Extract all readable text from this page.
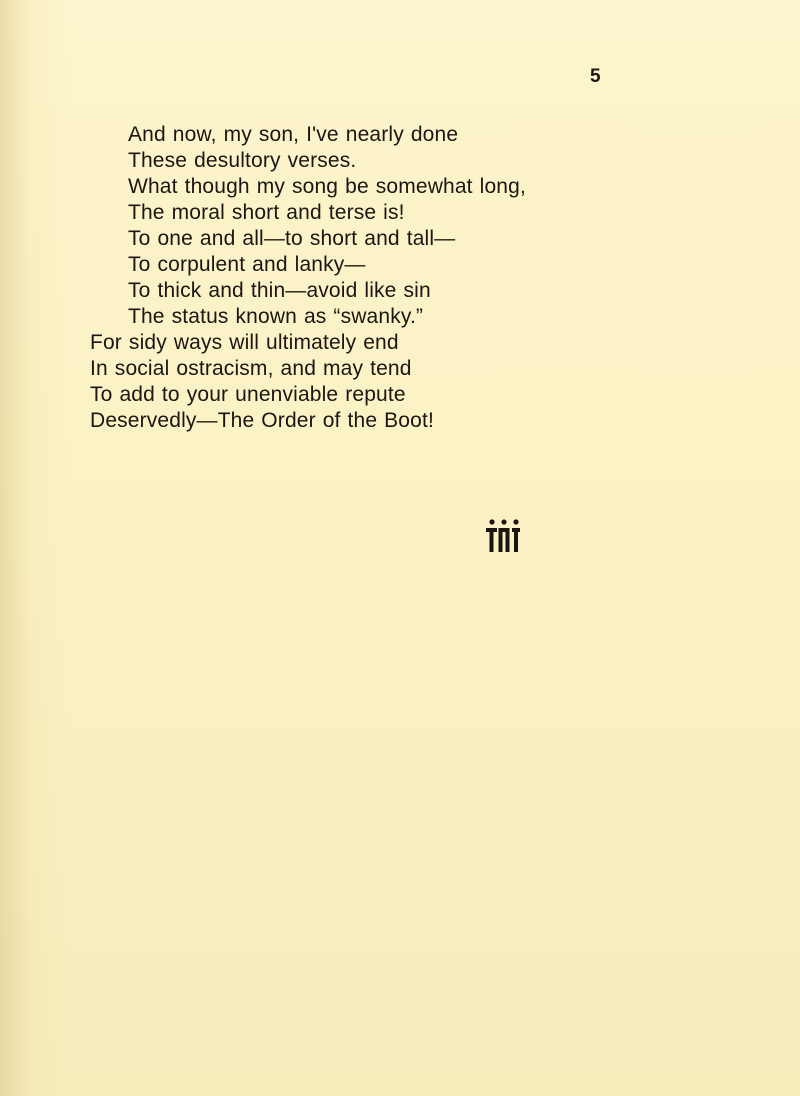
5
And now, my son, I've nearly done
These desultory verses.
What though my song be somewhat long,
The moral short and terse is!
To one and all—to short and tall—
To corpulent and lanky—
To thick and thin—avoid like sin
The status known as “swanky.”
For sidy ways will ultimately end
In social ostracism, and may tend
To add to your unenviable repute
Deservedly—The Order of the Boot!
